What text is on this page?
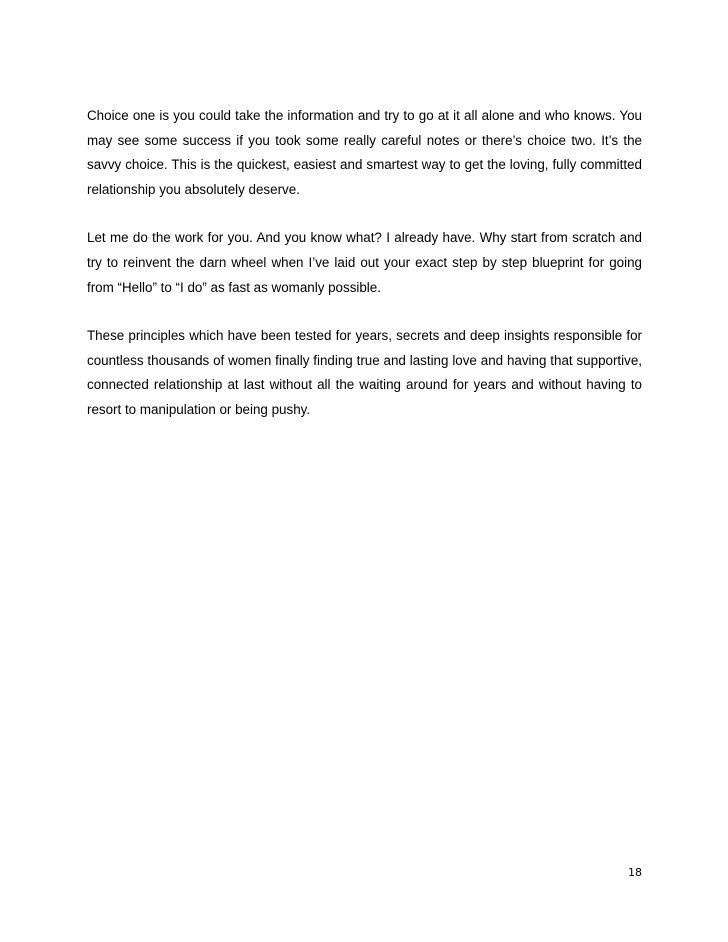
Choice one is you could take the information and try to go at it all alone and who knows. You may see some success if you took some really careful notes or there’s choice two. It’s the savvy choice. This is the quickest, easiest and smartest way to get the loving, fully committed relationship you absolutely deserve.

Let me do the work for you. And you know what? I already have. Why start from scratch and try to reinvent the darn wheel when I’ve laid out your exact step by step blueprint for going from “Hello” to “I do” as fast as womanly possible.

These principles which have been tested for years, secrets and deep insights responsible for countless thousands of women finally finding true and lasting love and having that supportive, connected relationship at last without all the waiting around for years and without having to resort to manipulation or being pushy.

18
